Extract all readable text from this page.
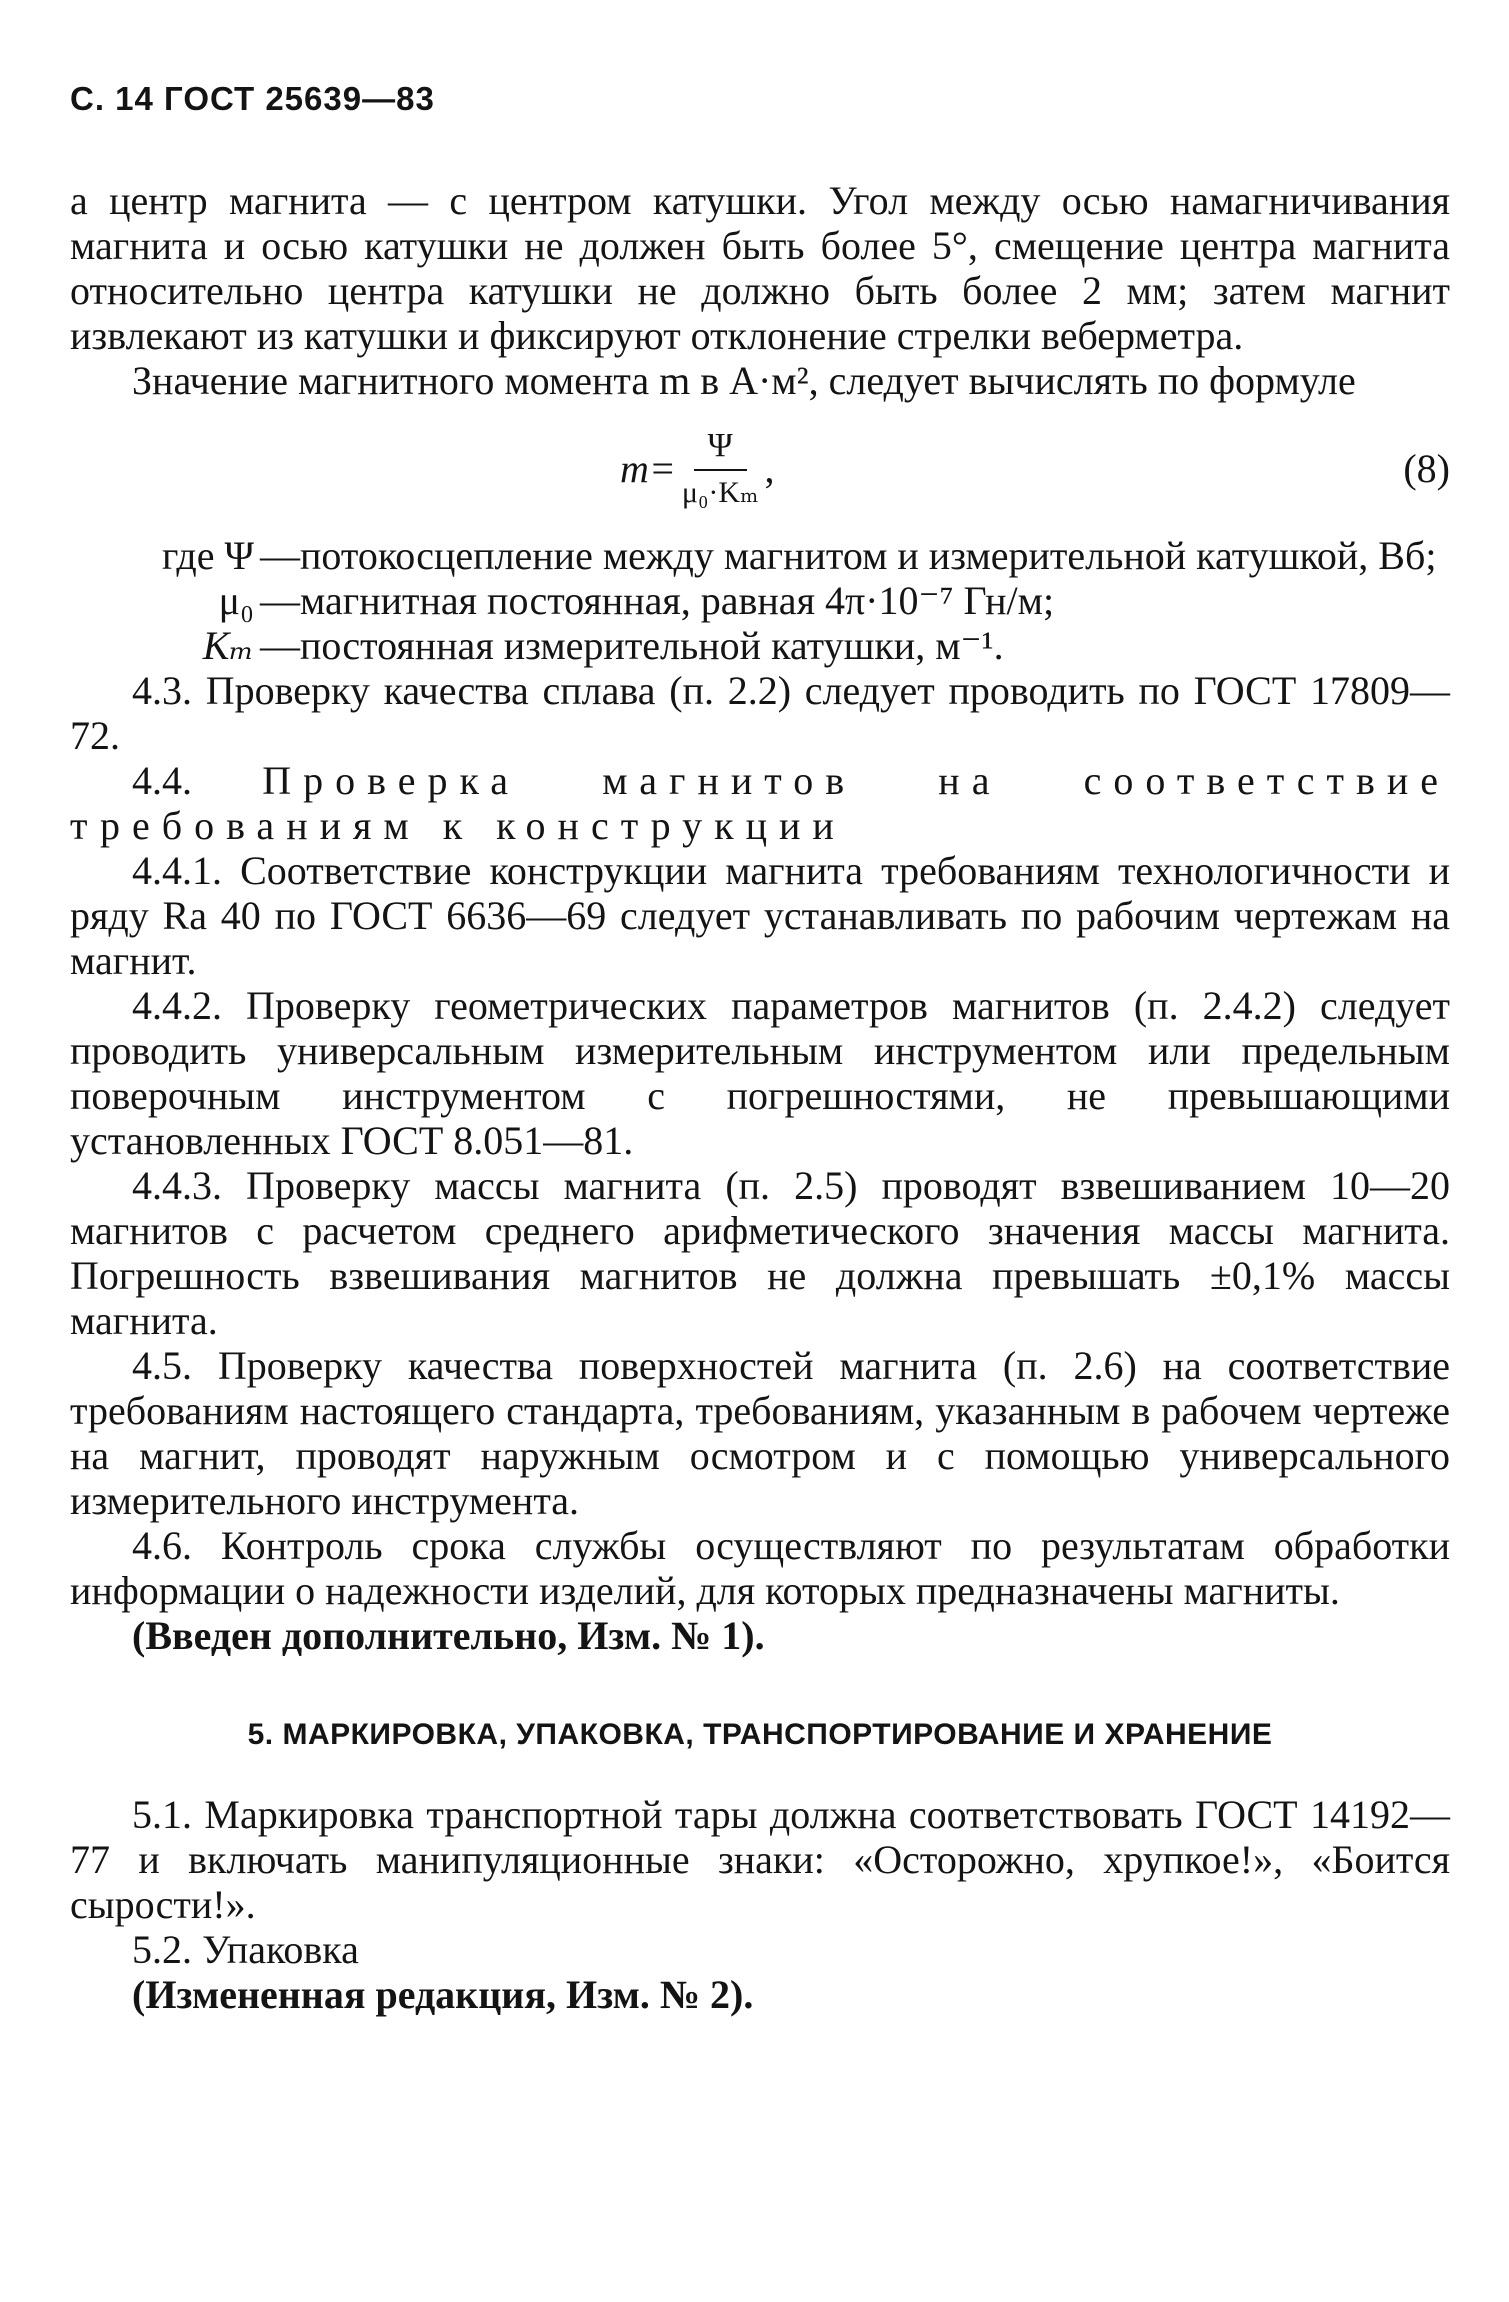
С. 14 ГОСТ 25639—83

а центр магнита — с центром катушки. Угол между осью намагничивания магнита и осью катушки не должен быть более 5°, смещение центра магнита относительно центра катушки не должно быть более 2 мм; затем магнит извлекают из катушки и фиксируют отклонение стрелки веберметра.

Значение магнитного момента m в А·м², следует вычислять по формуле

$m= \frac{\Psi}{\text{μ₀·Kₘ}}$ ,	(8)
где Ψ — потокосцепление между магнитом и измерительной катушкой, Вб;
μ₀ — магнитная постоянная, равная 4π·10⁻⁷ Гн/м;
Kₘ — постоянная измерительной катушки, м⁻¹.

4.3. Проверку качества сплава (п. 2.2) следует проводить по ГОСТ 17809—72.

4.4. Проверка магнитов на соответствие требованиям к конструкции

4.4.1. Соответствие конструкции магнита требованиям технологичности и ряду Ra 40 по ГОСТ 6636—69 следует устанавливать по рабочим чертежам на магнит.

4.4.2. Проверку геометрических параметров магнитов (п. 2.4.2) следует проводить универсальным измерительным инструментом или предельным поверочным инструментом с погрешностями, не превышающими установленных ГОСТ 8.051—81.

4.4.3. Проверку массы магнита (п. 2.5) проводят взвешиванием 10—20 магнитов с расчетом среднего арифметического значения массы магнита. Погрешность взвешивания магнитов не должна превышать ±0,1% массы магнита.

4.5. Проверку качества поверхностей магнита (п. 2.6) на соответствие требованиям настоящего стандарта, требованиям, указанным в рабочем чертеже на магнит, проводят наружным осмотром и с помощью универсального измерительного инструмента.

4.6. Контроль срока службы осуществляют по результатам обработки информации о надежности изделий, для которых предназначены магниты.

(Введен дополнительно, Изм. № 1).

5. МАРКИРОВКА, УПАКОВКА, ТРАНСПОРТИРОВАНИЕ И ХРАНЕНИЕ

5.1. Маркировка транспортной тары должна соответствовать ГОСТ 14192—77 и включать манипуляционные знаки: «Осторожно, хрупкое!», «Боится сырости!».

5.2. Упаковка

(Измененная редакция, Изм. № 2).
